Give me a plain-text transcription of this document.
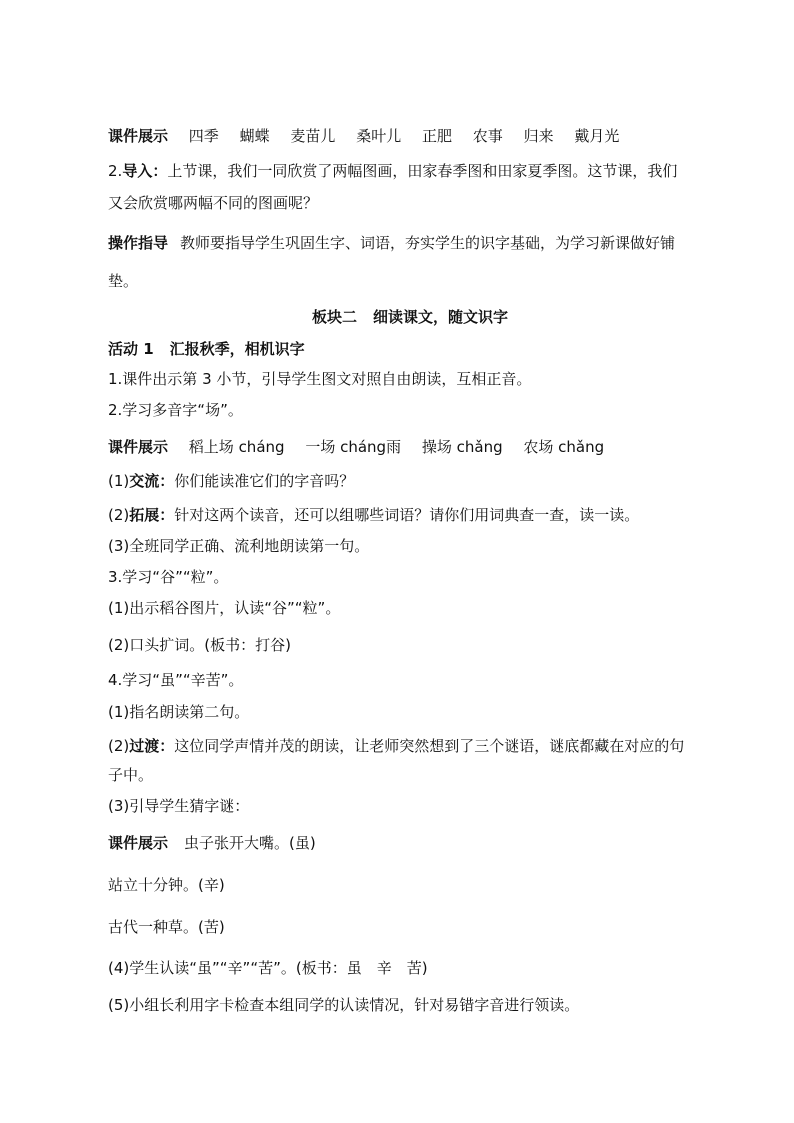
课件展示 四季 蝴蝶 麦苗儿 桑叶儿 正肥 农事 归来 戴月光
2.导入：上节课，我们一同欣赏了两幅图画，田家春季图和田家夏季图。这节课，我们
又会欣赏哪两幅不同的图画呢？
操作指导 教师要指导学生巩固生字、词语，夯实学生的识字基础，为学习新课做好铺
垫。
板块二 细读课文，随文识字
活动 1 汇报秋季，相机识字
1.课件出示第 3 小节，引导学生图文对照自由朗读，互相正音。
2.学习多音字“场”。
课件展示 稻上场 cháng 一场 cháng雨 操场 chǎng 农场 chǎng
(1)交流：你们能读准它们的字音吗？
(2)拓展：针对这两个读音，还可以组哪些词语？请你们用词典查一查，读一读。
(3)全班同学正确、流利地朗读第一句。
3.学习“谷”“粒”。
(1)出示稻谷图片，认读“谷”“粒”。
(2)口头扩词。(板书：打谷)
4.学习“虽”“辛苦”。
(1)指名朗读第二句。
(2)过渡：这位同学声情并茂的朗读，让老师突然想到了三个谜语，谜底都藏在对应的句
子中。
(3)引导学生猜字谜：
课件展示 虫子张开大嘴。(虽)
站立十分钟。(辛)
古代一种草。(苦)
(4)学生认读“虽”“辛”“苦”。(板书：虽　辛　苦)
(5)小组长利用字卡检查本组同学的认读情况，针对易错字音进行领读。
